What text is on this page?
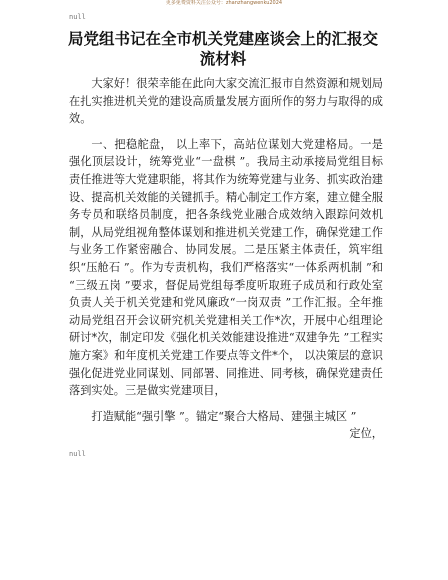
更多免费资料关注公众号：zhanzhangwenku2024
null
局党组书记在全市机关党建座谈会上的汇报交流材料

大家好！很荣幸能在此向大家交流汇报市自然资源和规划局在扎实推进机关党的建设高质量发展方面所作的努力与取得的成效。

一、把稳舵盘， 以上率下，高站位谋划大党建格局。一是强化顶层设计，统筹党业“一盘棋 ”。我局主动承接局党组目标责任推进等大党建职能，将其作为统筹党建与业务、抓实政治建设、提高机关效能的关键抓手。精心制定工作方案，建立健全服务专员和联络员制度，把各条线党业融合成效纳入跟踪问效机制，从局党组视角整体谋划和推进机关党建工作，确保党建工作与业务工作紧密融合、协同发展。二是压紧主体责任，筑牢组织“压舱石 ”。作为专责机构，我们严格落实“一体系两机制 ”和 “三级五岗 ”要求，督促局党组每季度听取班子成员和行政处室负责人关于机关党建和党风廉政“一岗双责 ”工作汇报。全年推动局党组召开会议研究机关党建相关工作*次，开展中心组理论研讨*次，制定印发《强化机关效能建设推进“双建争先 ”工程实施方案》和年度机关党建工作要点等文件*个， 以决策层的意识强化促进党业同谋划、同部署、同推进、同考核，确保党建责任落到实处。三是做实党建项目，

打造赋能“强引擎 ”。锚定“聚合大格局、建强主城区 ”
定位，

null
